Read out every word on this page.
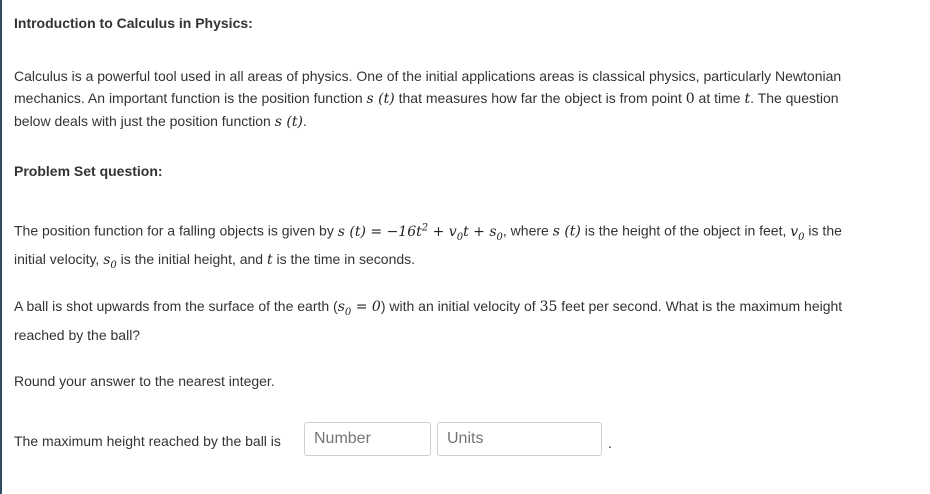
Introduction to Calculus in Physics:
Calculus is a powerful tool used in all areas of physics. One of the initial applications areas is classical physics, particularly Newtonian
mechanics. An important function is the position function s (t) that measures how far the object is from point 0 at time t. The question
below deals with just the position function s (t).
Problem Set question:
The position function for a falling objects is given by s $(t) = -16t^2 + v_0t + s_0$, where s (t) is the height of the object in feet, $v_0$ is the
initial velocity, $s_0$ is the initial height, and t is the time in seconds.
A ball is shot upwards from the surface of the earth $(s_0 = 0)$ with an initial velocity of 35 feet per second. What is the maximum height
reached by the ball?
Round your answer to the nearest integer.
The maximum height reached by the ball is
Number
Units	.
